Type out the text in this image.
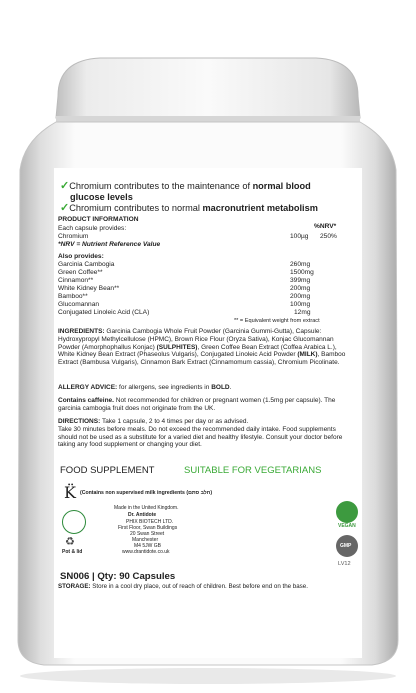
✓Chromium contributes to the maintenance of normal blood
glucose levels
✓Chromium contributes to normal macronutrient metabolism
PRODUCT INFORMATION
%NRV*
Each capsule provides:
Chromium	100µg 250%
*NRV = Nutrient Reference Value
Also provides:
Garcinia Cambogia	260mg
Green Coffee**	1500mg
Cinnamon**	399mg
White Kidney Bean**	200mg
Bamboo**	200mg
Glucomannan	100mg
Conjugated Linoleic Acid (CLA)	12mg
** = Equivalent weight from extract
INGREDIENTS: Garcinia Cambogia Whole Fruit Powder (Garcinia Gummi-Gutta), Capsule: Hydroxypropyl Methylcellulose (HPMC), Brown Rice Flour (Oryza Sativa), Konjac Glucomannan Powder (Amorphophallus Konjac) (SULPHITES), Green Coffee Bean Extract (Coffea Arabica L.), White Kidney Bean Extract (Phaseolus Vulgaris), Conjugated Linoleic Acid Powder (MILK), Bamboo Extract (Bambusa Vulgaris), Cinnamon Bark Extract (Cinnamomum cassia), Chromium Picolinate.
ALLERGY ADVICE: for allergens, see ingredients in BOLD.
Contains caffeine. Not recommended for children or pregnant women (1.5mg per capsule). The garcinia cambogia fruit does not originate from the UK.
DIRECTIONS: Take 1 capsule, 2 to 4 times per day or as advised.
Take 30 minutes before meals. Do not exceed the recommended daily intake. Food supplements should not be used as a substitute for a varied diet and healthy lifestyle. Consult your doctor before taking any food supplement or changing your diet.
FOOD SUPPLEMENT	SUITABLE FOR VEGETARIANS
K̈ (Contains non supervised milk ingredients (חלב סתם)
♻
Pot & lid
Made in the United Kingdom.
Dr. Antidote
PHIX BIOTECH LTD.
First Floor, Swan Buildings
20 Swan Street
Manchester
M4 5JW GB
www.drantidote.co.uk
VEGAN
GMP
LV12
SN006 | Qty: 90 Capsules
STORAGE: Store in a cool dry place, out of reach of children. Best before end on the base.
